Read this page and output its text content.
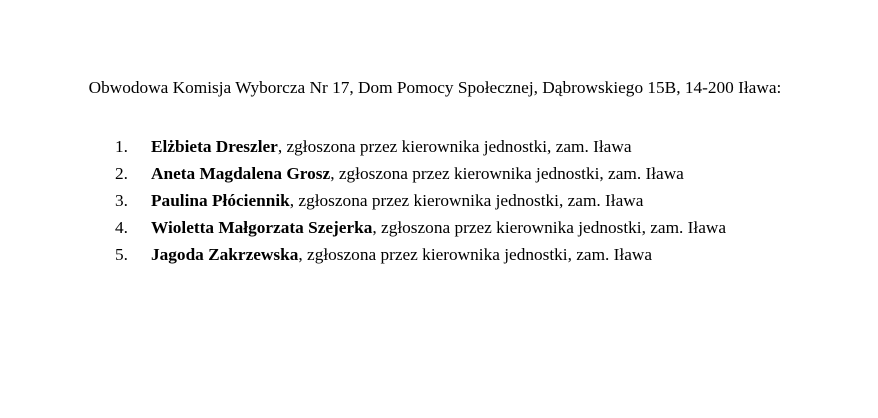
Obwodowa Komisja Wyborcza Nr 17, Dom Pomocy Społecznej, Dąbrowskiego 15B, 14-200 Iława:
1. Elżbieta Dreszler, zgłoszona przez kierownika jednostki, zam. Iława
2. Aneta Magdalena Grosz, zgłoszona przez kierownika jednostki, zam. Iława
3. Paulina Płóciennik, zgłoszona przez kierownika jednostki, zam. Iława
4. Wioletta Małgorzata Szejerka, zgłoszona przez kierownika jednostki, zam. Iława
5. Jagoda Zakrzewska, zgłoszona przez kierownika jednostki, zam. Iława
